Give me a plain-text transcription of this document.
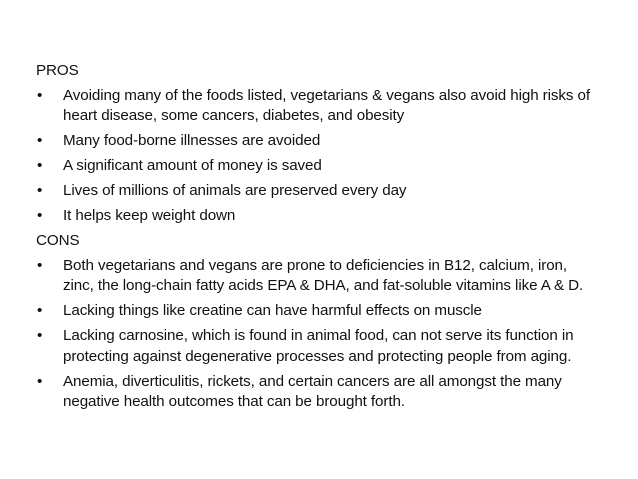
PROS
• Avoiding many of the foods listed, vegetarians & vegans also avoid high risks of heart disease, some cancers, diabetes, and obesity
• Many food-borne illnesses are avoided
• A significant amount of money is saved
• Lives of millions of animals are preserved every day
• It helps keep weight down
CONS
• Both vegetarians and vegans are prone to deficiencies in B12, calcium, iron, zinc, the long-chain fatty acids EPA & DHA, and fat-soluble vitamins like A & D.
• Lacking things like creatine can have harmful effects on muscle
• Lacking carnosine, which is found in animal food, can not serve its function in protecting against degenerative processes and protecting people from aging.
• Anemia, diverticulitis, rickets, and certain cancers are all amongst the many negative health outcomes that can be brought forth.
